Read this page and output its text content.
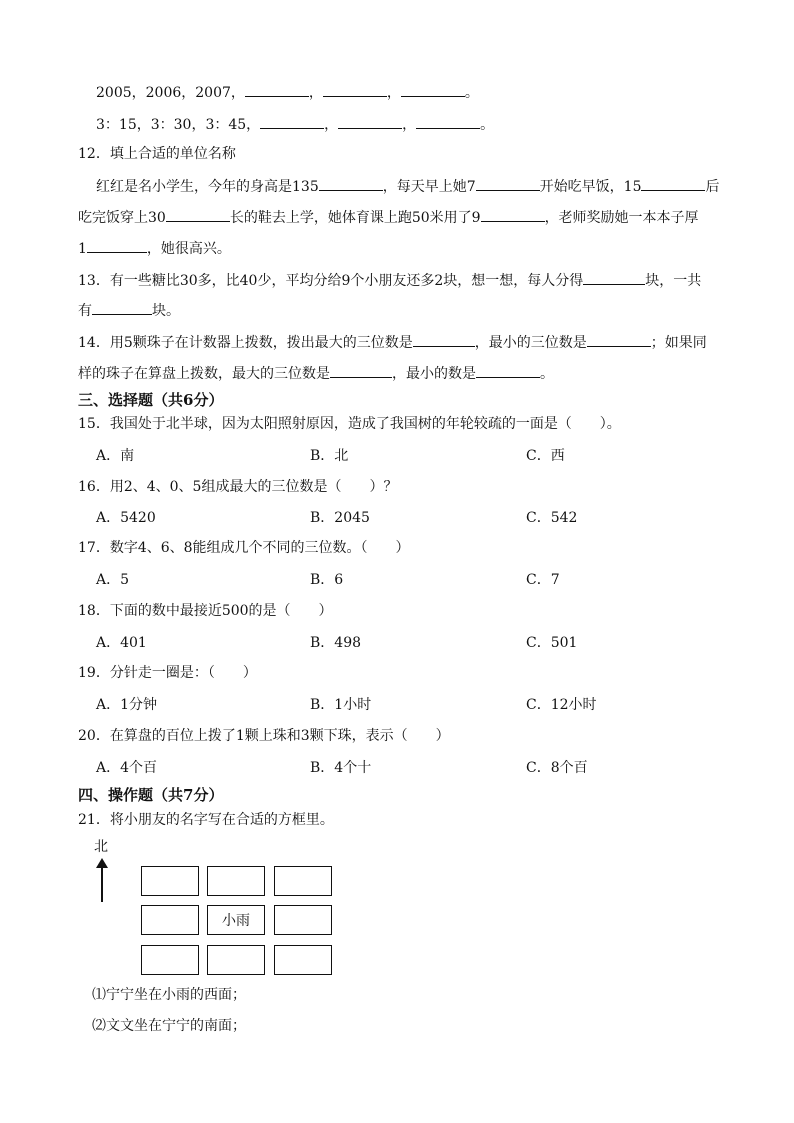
2005，2006，2007，	，	，	。
3：15，3：30，3：45，	，	，	。
12．填上合适的单位名称
红红是名小学生，今年的身高是135	，每天早上她7	开始吃早饭，15	后
吃完饭穿上30	长的鞋去上学，她体育课上跑50米用了9	，老师奖励她一本本子厚
1	，她很高兴。
13．有一些糖比30多，比40少，平均分给9个小朋友还多2块，想一想，每人分得	块，一共
有	块。
14．用5颗珠子在计数器上拨数，拨出最大的三位数是	，最小的三位数是	；如果同
样的珠子在算盘上拨数，最大的三位数是	，最小的数是	。
三、选择题（共6分）
15．我国处于北半球，因为太阳照射原因，造成了我国树的年轮较疏的一面是（　　）。
A．南	B．北	C．西
16．用2、4、0、5组成最大的三位数是（　　）？
A．5420	B．2045	C．542
17．数字4、6、8能组成几个不同的三位数。（　　）
A．5	B．6	C．7
18．下面的数中最接近500的是（　　）
A．401	B．498	C．501
19．分针走一圈是：（　　）
A．1分钟	B．1小时	C．12小时
20．在算盘的百位上拨了1颗上珠和3颗下珠，表示（　　）
A．4个百	B．4个十	C．8个百
四、操作题（共7分）
21．将小朋友的名字写在合适的方框里。
北
小雨
⑴宁宁坐在小雨的西面；
⑵文文坐在宁宁的南面；
